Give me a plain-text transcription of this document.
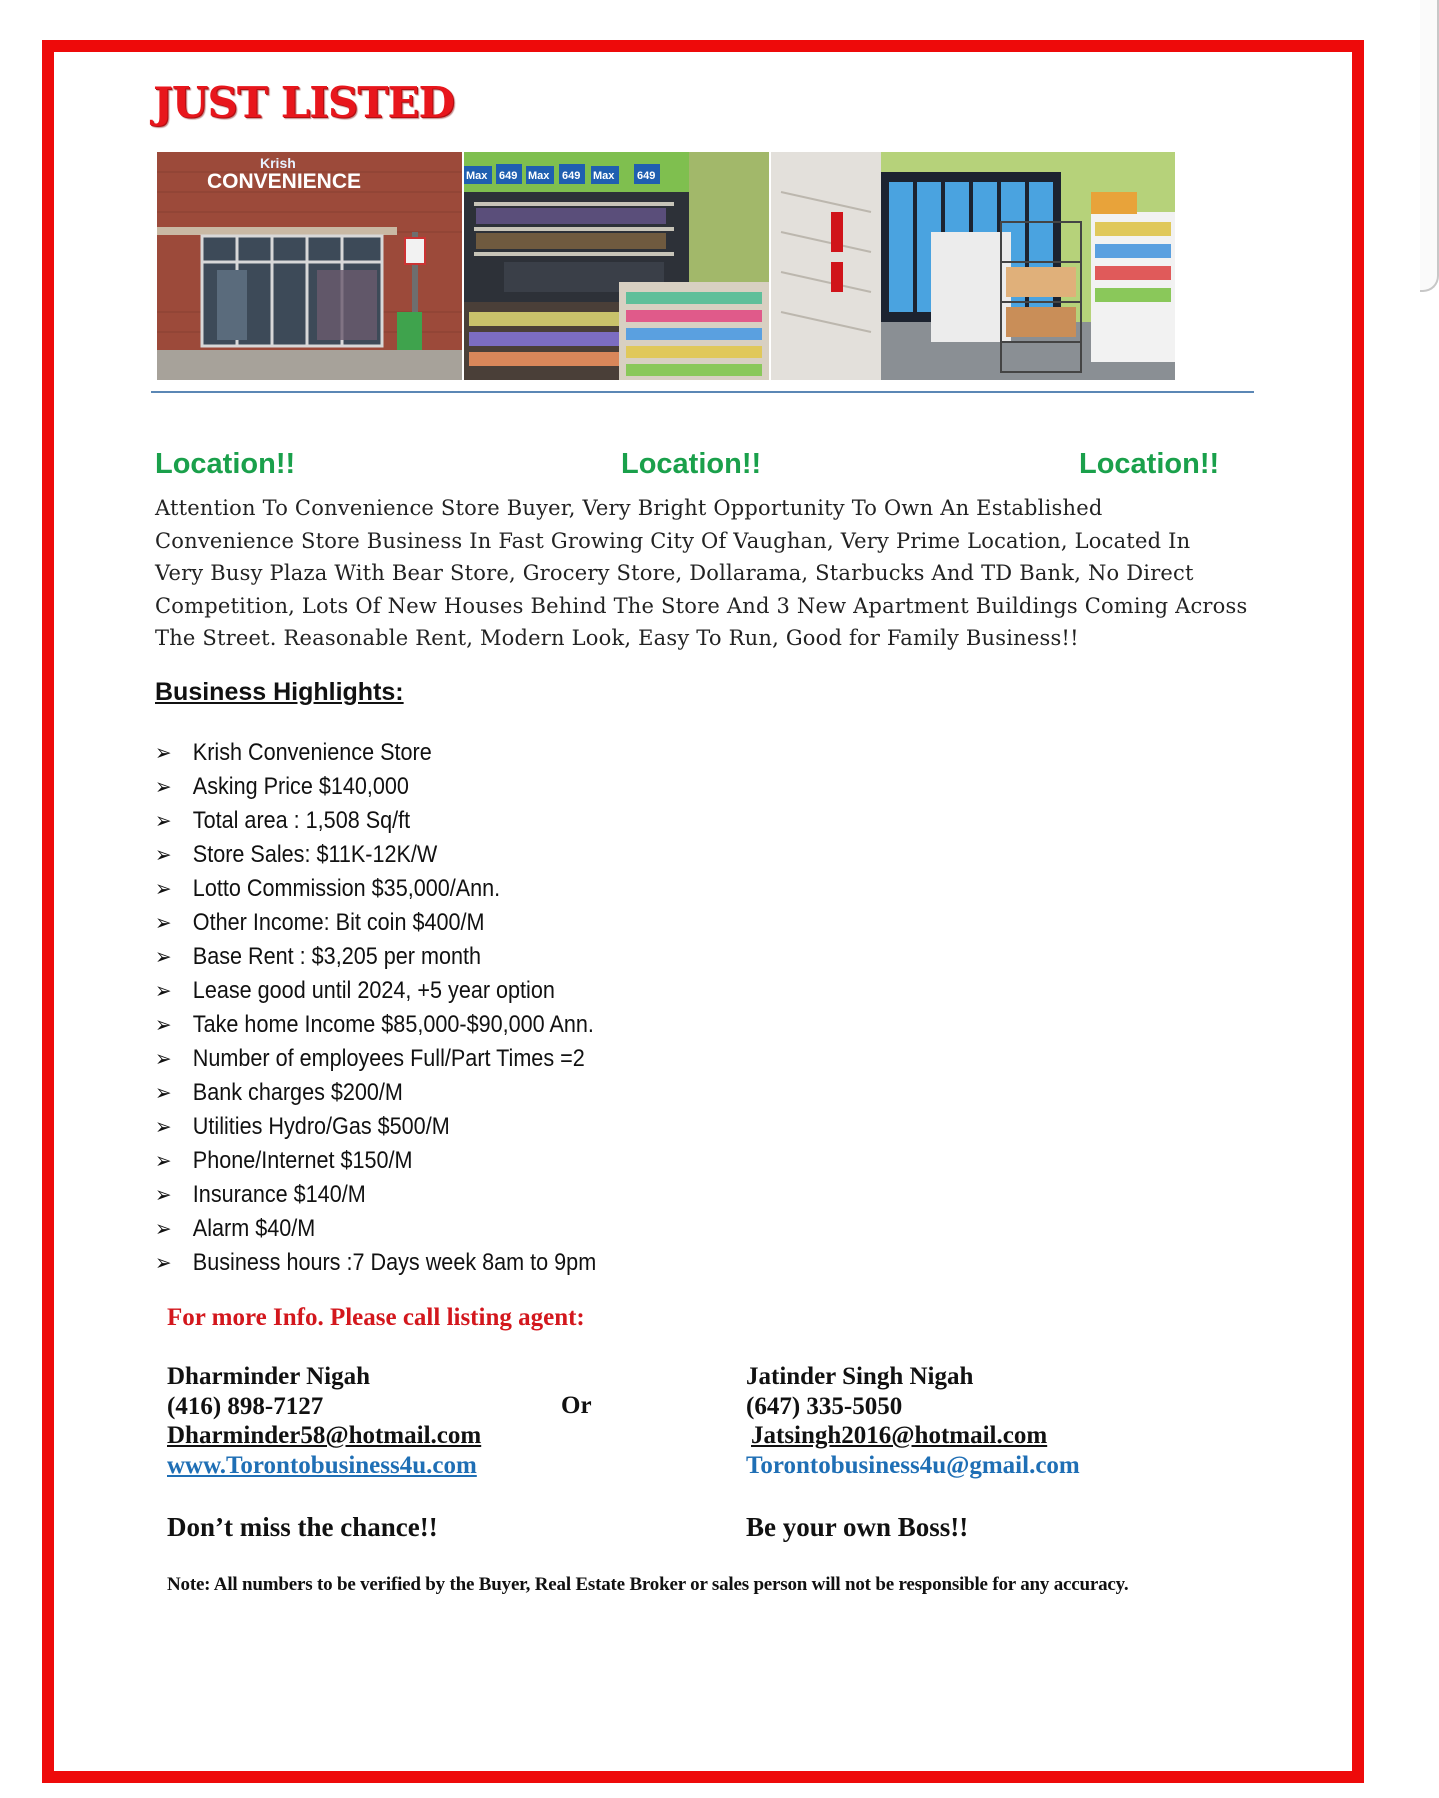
JUST LISTED
Krish
CONVENIENCE	Max 649 Max 649 Max 649
Location!!	Location!!	Location!!
Attention To Convenience Store Buyer, Very Bright Opportunity To Own An Established
Convenience Store Business In Fast Growing City Of Vaughan, Very Prime Location, Located In
Very Busy Plaza With Bear Store, Grocery Store, Dollarama, Starbucks And TD Bank, No Direct
Competition, Lots Of New Houses Behind The Store And 3 New Apartment Buildings Coming Across
The Street. Reasonable Rent, Modern Look, Easy To Run, Good for Family Business!!
Business Highlights:
➢ Krish Convenience Store
➢ Asking Price $140,000
➢ Total area : 1,508 Sq/ft
➢ Store Sales: $11K-12K/W
➢ Lotto Commission $35,000/Ann.
➢ Other Income: Bit coin $400/M
➢ Base Rent : $3,205 per month
➢ Lease good until 2024, +5 year option
➢ Take home Income $85,000-$90,000 Ann.
➢ Number of employees Full/Part Times =2
➢ Bank charges $200/M
➢ Utilities Hydro/Gas $500/M
➢ Phone/Internet $150/M
➢ Insurance $140/M
➢ Alarm $40/M
➢ Business hours :7 Days week 8am to 9pm
For more Info. Please call listing agent:
Dharminder Nigah
(416) 898-7127
Dharminder58@hotmail.com
www.Torontobusiness4u.com
Or
Jatinder Singh Nigah
(647) 335-5050
Jatsingh2016@hotmail.com
Torontobusiness4u@gmail.com
Don’t miss the chance!!	Be your own Boss!!
Note: All numbers to be verified by the Buyer, Real Estate Broker or sales person will not be responsible for any accuracy.
